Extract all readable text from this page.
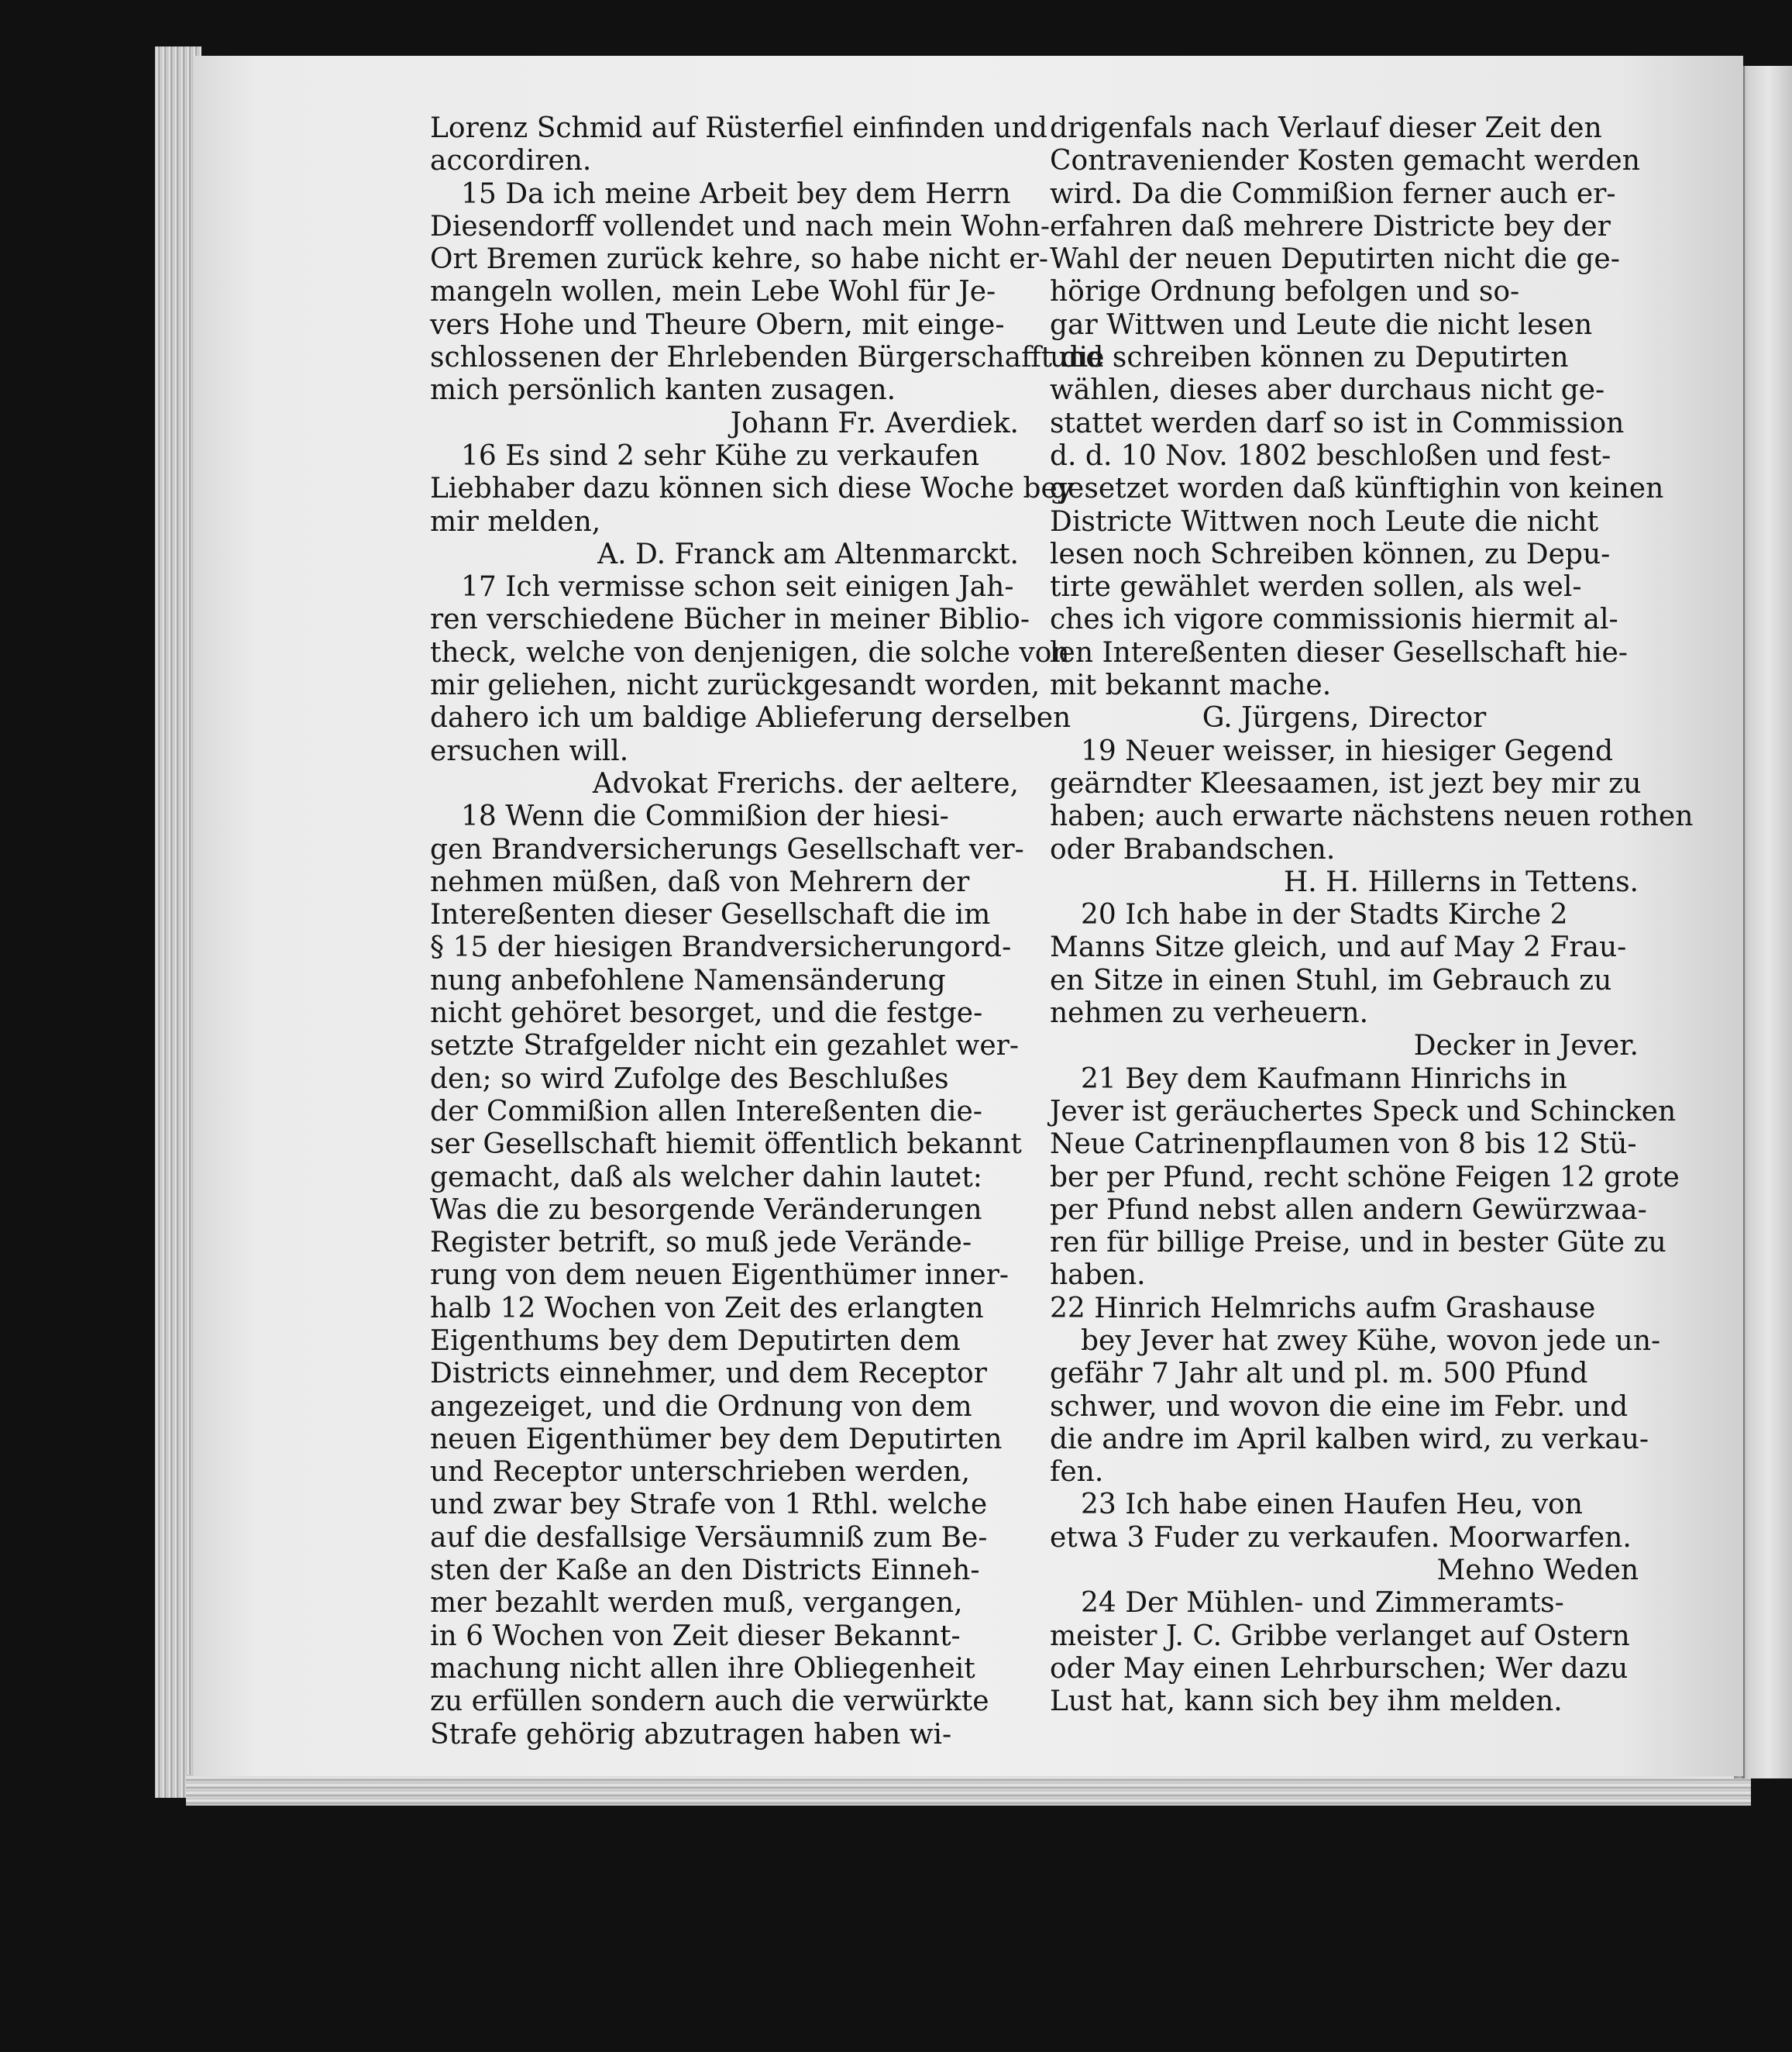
Lorenz Schmid auf Rüsterfiel einfinden und
accordiren.
15 Da ich meine Arbeit bey dem Herrn
Diesendorff vollendet und nach mein Wohn-
Ort Bremen zurück kehre, so habe nicht er-
mangeln wollen, mein Lebe Wohl für Je-
vers Hohe und Theure Obern, mit einge-
schlossenen der Ehrlebenden Bürgerschafft die
mich persönlich kanten zusagen.
Johann Fr. Averdiek.
16 Es sind 2 sehr Kühe zu verkaufen
Liebhaber dazu können sich diese Woche bey
mir melden,
A. D. Franck am Altenmarckt.
17 Ich vermisse schon seit einigen Jah-
ren verschiedene Bücher in meiner Biblio-
theck, welche von denjenigen, die solche von
mir geliehen, nicht zurückgesandt worden,
dahero ich um baldige Ablieferung derselben
ersuchen will.
Advokat Frerichs. der aeltere,
18 Wenn die Commißion der hiesi-
gen Brandversicherungs Gesellschaft ver-
nehmen müßen, daß von Mehrern der
Intereßenten dieser Gesellschaft die im
§ 15 der hiesigen Brandversicherungord-
nung anbefohlene Namensänderung
nicht gehöret besorget, und die festge-
setzte Strafgelder nicht ein gezahlet wer-
den; so wird Zufolge des Beschlußes
der Commißion allen Intereßenten die-
ser Gesellschaft hiemit öffentlich bekannt
gemacht, daß als welcher dahin lautet:
Was die zu besorgende Veränderungen
Register betrift, so muß jede Verände-
rung von dem neuen Eigenthümer inner-
halb 12 Wochen von Zeit des erlangten
Eigenthums bey dem Deputirten dem
Districts einnehmer, und dem Receptor
angezeiget, und die Ordnung von dem
neuen Eigenthümer bey dem Deputirten
und Receptor unterschrieben werden,
und zwar bey Strafe von 1 Rthl. welche
auf die desfallsige Versäumniß zum Be-
sten der Kaße an den Districts Einneh-
mer bezahlt werden muß, vergangen,
in 6 Wochen von Zeit dieser Bekannt-
machung nicht allen ihre Obliegenheit
zu erfüllen sondern auch die verwürkte
Strafe gehörig abzutragen haben wi-
drigenfals nach Verlauf dieser Zeit den
Contraveniender Kosten gemacht werden
wird. Da die Commißion ferner auch er-
erfahren daß mehrere Districte bey der
Wahl der neuen Deputirten nicht die ge-
hörige Ordnung befolgen und so-
gar Wittwen und Leute die nicht lesen
und schreiben können zu Deputirten
wählen, dieses aber durchaus nicht ge-
stattet werden darf so ist in Commission
d. d. 10 Nov. 1802 beschloßen und fest-
gesetzet worden daß künftighin von keinen
Districte Wittwen noch Leute die nicht
lesen noch Schreiben können, zu Depu-
tirte gewählet werden sollen, als wel-
ches ich vigore commissionis hiermit al-
len Intereßenten dieser Gesellschaft hie-
mit bekannt mache.
G. Jürgens, Director
19 Neuer weisser, in hiesiger Gegend
geärndter Kleesaamen, ist jezt bey mir zu
haben; auch erwarte nächstens neuen rothen
oder Brabandschen.
H. H. Hillerns in Tettens.
20 Ich habe in der Stadts Kirche 2
Manns Sitze gleich, und auf May 2 Frau-
en Sitze in einen Stuhl, im Gebrauch zu
nehmen zu verheuern.
Decker in Jever.
21 Bey dem Kaufmann Hinrichs in
Jever ist geräuchertes Speck und Schincken
Neue Catrinenpflaumen von 8 bis 12 Stü-
ber per Pfund, recht schöne Feigen 12 grote
per Pfund nebst allen andern Gewürzwaa-
ren für billige Preise, und in bester Güte zu
haben.
22 Hinrich Helmrichs aufm Grashause
bey Jever hat zwey Kühe, wovon jede un-
gefähr 7 Jahr alt und pl. m. 500 Pfund
schwer, und wovon die eine im Febr. und
die andre im April kalben wird, zu verkau-
fen.
23 Ich habe einen Haufen Heu, von
etwa 3 Fuder zu verkaufen. Moorwarfen.
Mehno Weden
24 Der Mühlen- und Zimmeramts-
meister J. C. Gribbe verlanget auf Ostern
oder May einen Lehrburschen; Wer dazu
Lust hat, kann sich bey ihm melden.
